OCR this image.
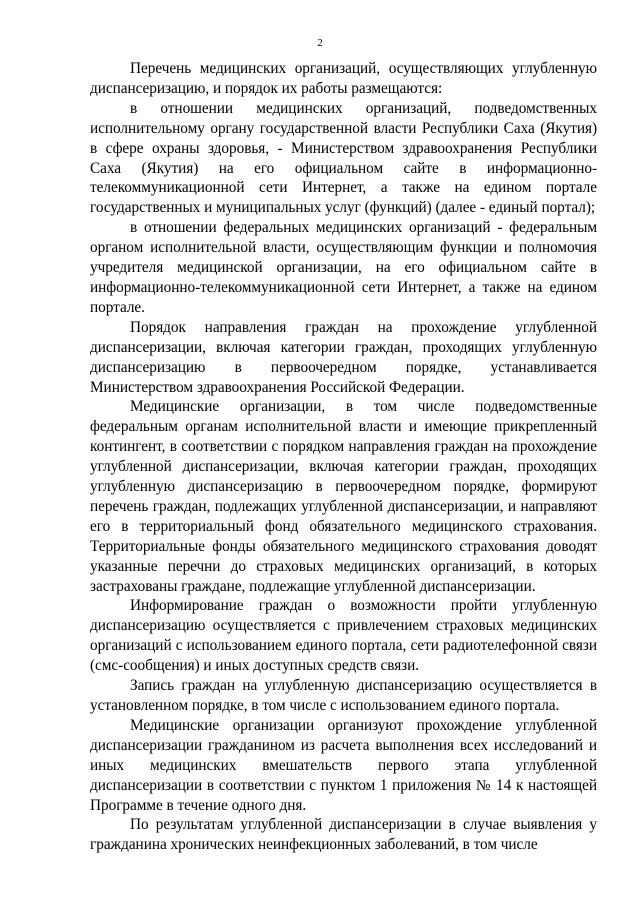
2

Перечень медицинских организаций, осуществляющих углубленную диспансеризацию, и порядок их работы размещаются:

в отношении медицинских организаций, подведомственных исполнительному органу государственной власти Республики Саха (Якутия) в сфере охраны здоровья, - Министерством здравоохранения Республики Саха (Якутия) на его официальном сайте в информационно-телекоммуникационной сети Интернет, а также на едином портале государственных и муниципальных услуг (функций) (далее - единый портал);

в отношении федеральных медицинских организаций - федеральным органом исполнительной власти, осуществляющим функции и полномочия учредителя медицинской организации, на его официальном сайте в информационно-телекоммуникационной сети Интернет, а также на едином портале.

Порядок направления граждан на прохождение углубленной диспансеризации, включая категории граждан, проходящих углубленную диспансеризацию в первоочередном порядке, устанавливается Министерством здравоохранения Российской Федерации.

Медицинские организации, в том числе подведомственные федеральным органам исполнительной власти и имеющие прикрепленный контингент, в соответствии с порядком направления граждан на прохождение углубленной диспансеризации, включая категории граждан, проходящих углубленную диспансеризацию в первоочередном порядке, формируют перечень граждан, подлежащих углубленной диспансеризации, и направляют его в территориальный фонд обязательного медицинского страхования. Территориальные фонды обязательного медицинского страхования доводят указанные перечни до страховых медицинских организаций, в которых застрахованы граждане, подлежащие углубленной диспансеризации.

Информирование граждан о возможности пройти углубленную диспансеризацию осуществляется с привлечением страховых медицинских организаций с использованием единого портала, сети радиотелефонной связи (смс-сообщения) и иных доступных средств связи.

Запись граждан на углубленную диспансеризацию осуществляется в установленном порядке, в том числе с использованием единого портала.

Медицинские организации организуют прохождение углубленной диспансеризации гражданином из расчета выполнения всех исследований и иных медицинских вмешательств первого этапа углубленной диспансеризации в соответствии с пунктом 1 приложения № 14 к настоящей Программе в течение одного дня.

По результатам углубленной диспансеризации в случае выявления у гражданина хронических неинфекционных заболеваний, в том числе
